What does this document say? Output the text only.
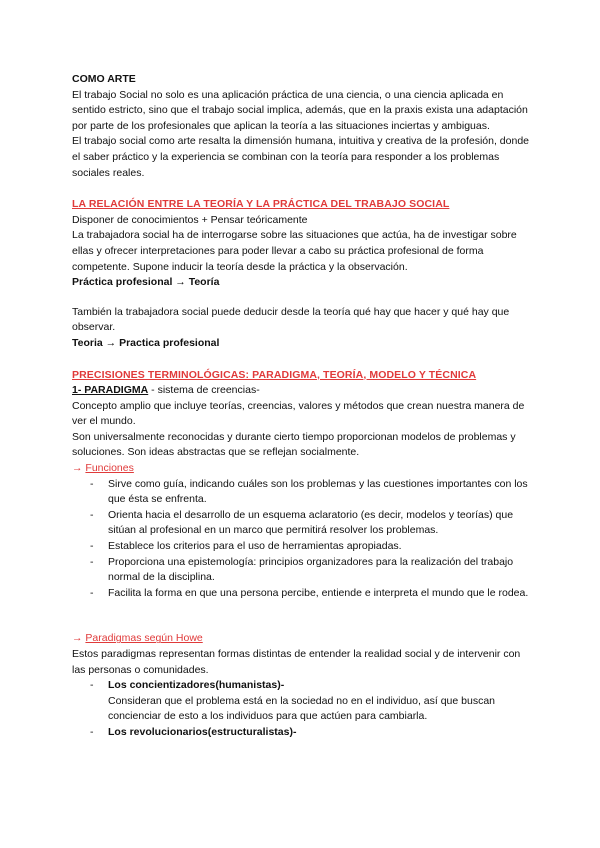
COMO ARTE

El trabajo Social no solo es una aplicación práctica de una ciencia, o una ciencia aplicada en sentido estricto, sino que el trabajo social implica, además, que en la praxis exista una adaptación por parte de los profesionales que aplican la teoría a las situaciones inciertas y ambiguas.

El trabajo social como arte resalta la dimensión humana, intuitiva y creativa de la profesión, donde el saber práctico y la experiencia se combinan con la teoría para responder a los problemas sociales reales.

LA RELACIÓN ENTRE LA TEORÍA Y LA PRÁCTICA DEL TRABAJO SOCIAL

Disponer de conocimientos + Pensar teóricamente

La trabajadora social ha de interrogarse sobre las situaciones que actúa, ha de investigar sobre ellas y ofrecer interpretaciones para poder llevar a cabo su práctica profesional de forma competente. Supone inducir la teoría desde la práctica y la observación.

Práctica profesional → Teoría

También la trabajadora social puede deducir desde la teoría qué hay que hacer y qué hay que observar.

Teoria → Practica profesional

PRECISIONES TERMINOLÓGICAS: PARADIGMA, TEORÍA, MODELO Y TÉCNICA

1- PARADIGMA - sistema de creencias-

Concepto amplio que incluye teorías, creencias, valores y métodos que crean nuestra manera de ver el mundo.

Son universalmente reconocidas y durante cierto tiempo proporcionan modelos de problemas y soluciones. Son ideas abstractas que se reflejan socialmente.

→ Funciones

- Sirve como guía, indicando cuáles son los problemas y las cuestiones importantes con los que ésta se enfrenta.
- Orienta hacia el desarrollo de un esquema aclaratorio (es decir, modelos y teorías) que sitúan al profesional en un marco que permitirá resolver los problemas.
- Establece los criterios para el uso de herramientas apropiadas.
- Proporciona una epistemología: principios organizadores para la realización del trabajo normal de la disciplina.
- Facilita la forma en que una persona percibe, entiende e interpreta el mundo que le rodea.

→ Paradigmas según Howe

Estos paradigmas representan formas distintas de entender la realidad social y de intervenir con las personas o comunidades.

- Los concientizadores(humanistas)-
Consideran que el problema está en la sociedad no en el individuo, así que buscan concienciar de esto a los individuos para que actúen para cambiarla.
- Los revolucionarios(estructuralistas)-
